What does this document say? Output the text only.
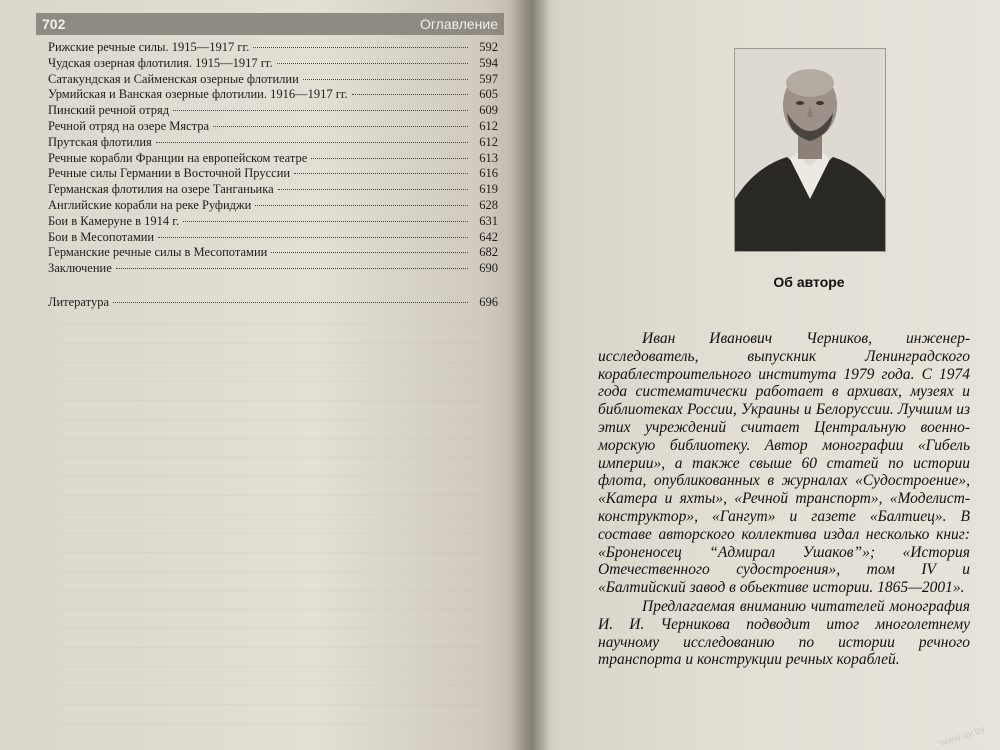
702	Оглавление
Рижские речные силы. 1915—1917 гг.	592
Чудская озерная флотилия. 1915—1917 гг.	594
Сатакундская и Сайменская озерные флотилии	597
Урмийская и Ванская озерные флотилии. 1916—1917 гг.	605
Пинский речной отряд	609
Речной отряд на озере Мястра	612
Прутская флотилия	612
Речные корабли Франции на европейском театре	613
Речные силы Германии в Восточной Пруссии	616
Германская флотилия на озере Танганьика	619
Английские корабли на реке Руфиджи	628
Бои в Камеруне в 1914 г.	631
Бои в Месопотамии	642
Германские речные силы в Месопотамии	682
Заключение	690
Литература	696
Об авторе

Иван Иванович Черников, инженер-исследователь, выпускник Ленинградского кораблестроительного института 1979 года. С 1974 года систематически работает в архивах, музеях и библиотеках России, Украины и Белоруссии. Лучшим из этих учреждений считает Центральную военно-морскую библиотеку. Автор монографии «Гибель империи», а также свыше 60 статей по истории флота, опубликованных в журналах «Судостроение», «Катера и яхты», «Речной транспорт», «Моделист-конструктор», «Гангут» и газете «Балтиец». В составе авторского коллектива издал несколько книг: «Броненосец “Адмирал Ушаков”»; «История Отечественного судостроения», том IV и «Балтийский завод в обьективе истории. 1865—2001».

Предлагаемая вниманию читателей монография И. И. Черникова подводит итог многолетнему научному исследованию по истории речного транспорта и конструкции речных кораблей.

www.ay.by
